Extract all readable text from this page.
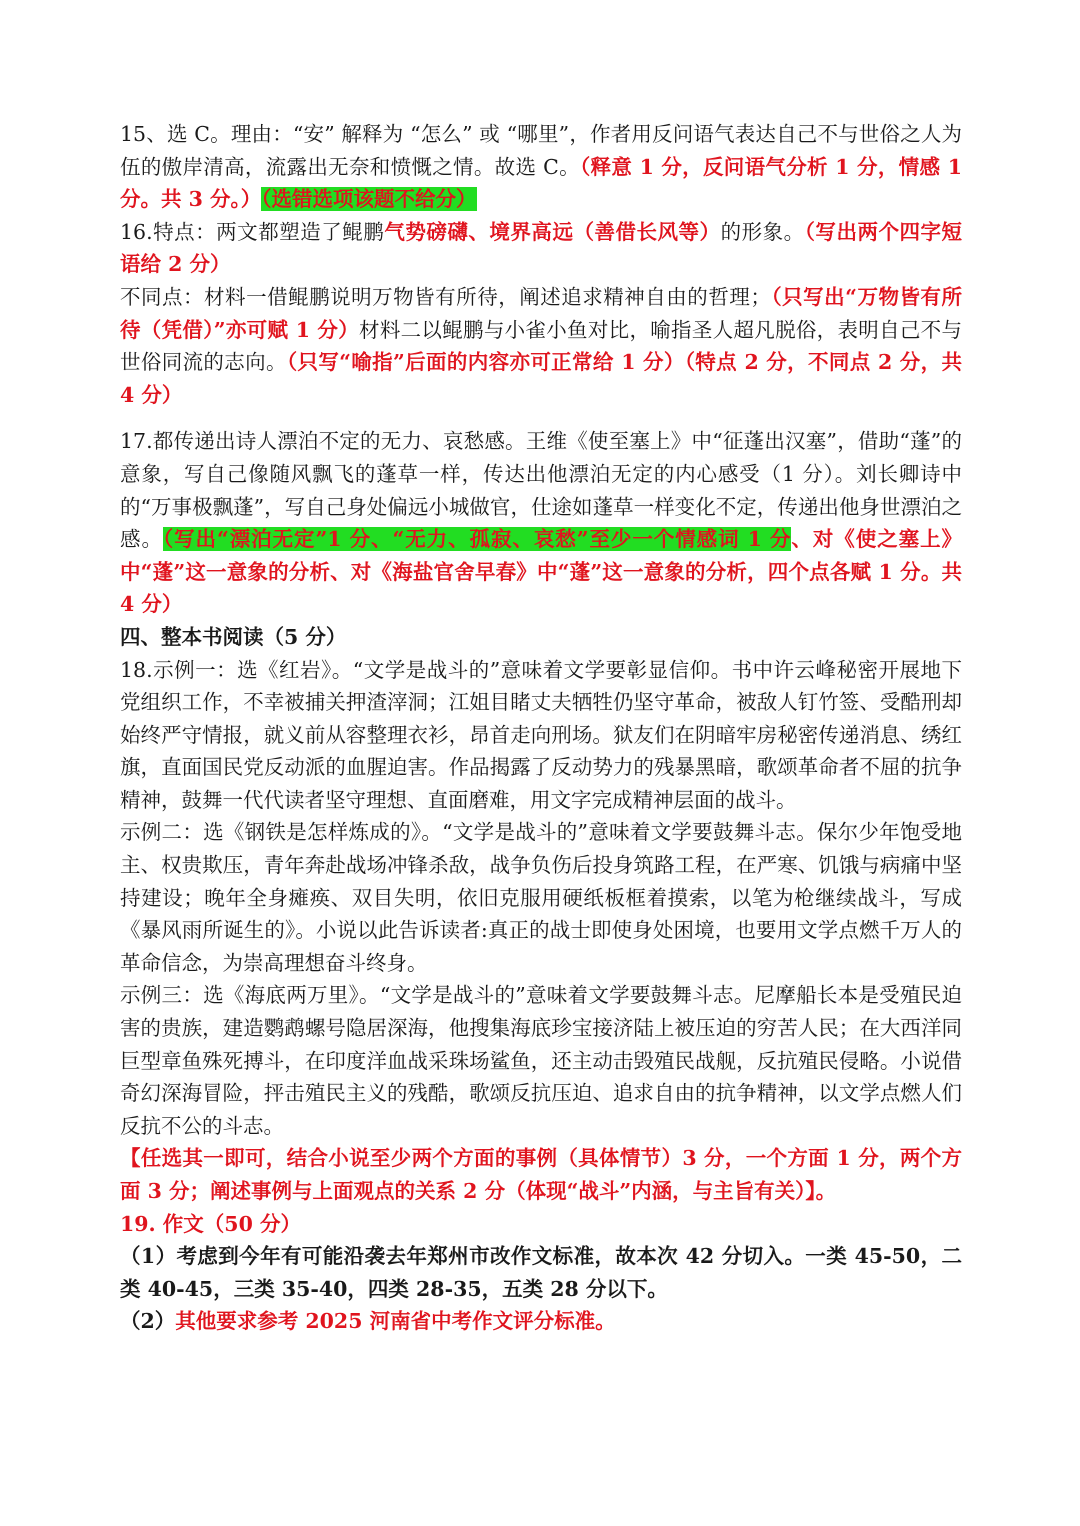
15、选 C。理由：“安” 解释为 “怎么” 或 “哪里”，作者用反问语气表达自己不与世俗之人为伍的傲岸清高，流露出无奈和愤慨之情。故选 C。（释意 1 分，反问语气分析 1 分，情感 1 分。共 3 分。）（选错选项该题不给分）

16.特点：两文都塑造了鲲鹏气势磅礴、境界高远（善借长风等）的形象。（写出两个四字短语给 2 分）

不同点：材料一借鲲鹏说明万物皆有所待，阐述追求精神自由的哲理；（只写出“万物皆有所待（凭借）”亦可赋 1 分）材料二以鲲鹏与小雀小鱼对比，喻指圣人超凡脱俗，表明自己不与世俗同流的志向。（只写“喻指”后面的内容亦可正常给 1 分）（特点 2 分，不同点 2 分，共 4 分）

17.都传递出诗人漂泊不定的无力、哀愁感。王维《使至塞上》中“征蓬出汉塞”，借助“蓬”的意象，写自己像随风飘飞的蓬草一样，传达出他漂泊无定的内心感受（1 分）。刘长卿诗中的“万事极飘蓬”，写自己身处偏远小城做官，仕途如蓬草一样变化不定，传递出他身世漂泊之感。（写出“漂泊无定”1 分、“无力、孤寂、哀愁”至少一个情感词 1 分、对《使之塞上》中“蓬”这一意象的分析、对《海盐官舍早春》中“蓬”这一意象的分析，四个点各赋 1 分。共 4 分）

四、整本书阅读（5 分）

18.示例一：选《红岩》。“文学是战斗的”意味着文学要彰显信仰。书中许云峰秘密开展地下党组织工作，不幸被捕关押渣滓洞；江姐目睹丈夫牺牲仍坚守革命，被敌人钉竹签、受酷刑却始终严守情报，就义前从容整理衣衫，昂首走向刑场。狱友们在阴暗牢房秘密传递消息、绣红旗，直面国民党反动派的血腥迫害。作品揭露了反动势力的残暴黑暗，歌颂革命者不屈的抗争精神，鼓舞一代代读者坚守理想、直面磨难，用文字完成精神层面的战斗。

示例二：选《钢铁是怎样炼成的》。“文学是战斗的”意味着文学要鼓舞斗志。保尔少年饱受地主、权贵欺压，青年奔赴战场冲锋杀敌，战争负伤后投身筑路工程，在严寒、饥饿与病痛中坚持建设；晚年全身瘫痪、双目失明，依旧克服用硬纸板框着摸索，以笔为枪继续战斗，写成《暴风雨所诞生的》。小说以此告诉读者:真正的战士即使身处困境，也要用文学点燃千万人的革命信念，为崇高理想奋斗终身。

示例三：选《海底两万里》。“文学是战斗的”意味着文学要鼓舞斗志。尼摩船长本是受殖民迫害的贵族，建造鹦鹉螺号隐居深海，他搜集海底珍宝接济陆上被压迫的穷苦人民；在大西洋同巨型章鱼殊死搏斗，在印度洋血战采珠场鲨鱼，还主动击毁殖民战舰，反抗殖民侵略。小说借奇幻深海冒险，抨击殖民主义的残酷，歌颂反抗压迫、追求自由的抗争精神，以文学点燃人们反抗不公的斗志。

【任选其一即可，结合小说至少两个方面的事例（具体情节）3 分，一个方面 1 分，两个方面 3 分；阐述事例与上面观点的关系 2 分（体现“战斗”内涵，与主旨有关）】。

19. 作文（50 分）

（1）考虑到今年有可能沿袭去年郑州市改作文标准，故本次 42 分切入。一类 45-50，二类 40-45，三类 35-40，四类 28-35，五类 28 分以下。

（2）其他要求参考 2025 河南省中考作文评分标准。
